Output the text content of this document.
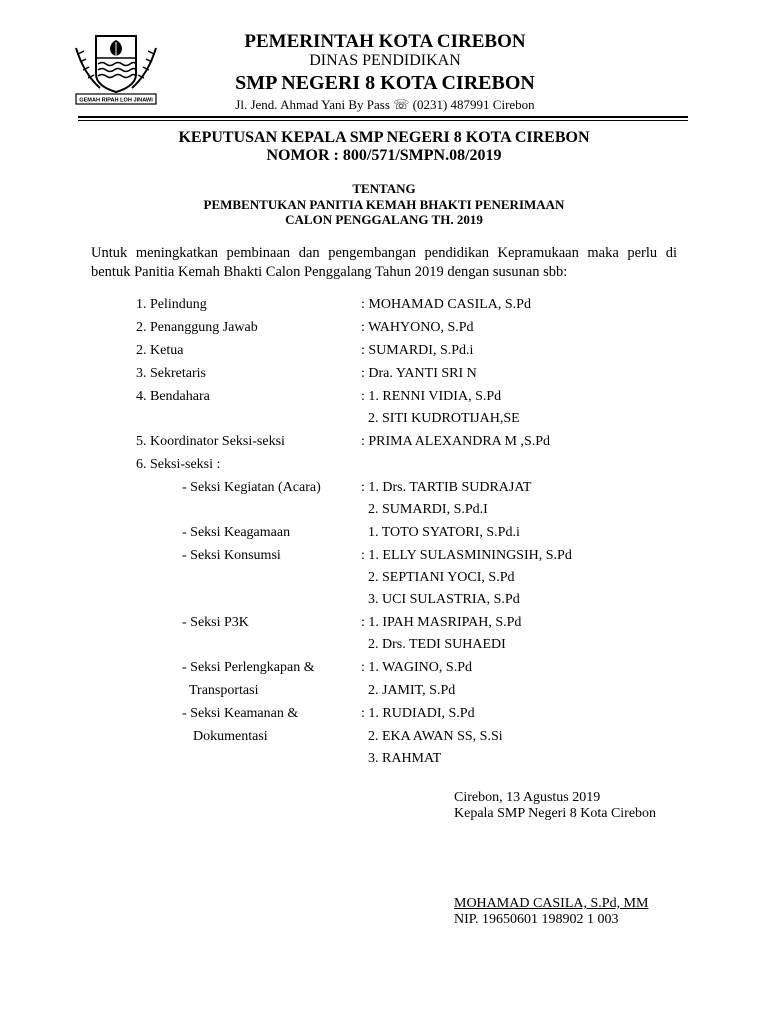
GEMAH RIPAH LOH JINAWI
PEMERINTAH KOTA CIREBON
DINAS PENDIDIKAN
SMP NEGERI 8 KOTA CIREBON
Jl. Jend. Ahmad Yani By Pass ☏ (0231) 487991 Cirebon
KEPUTUSAN KEPALA SMP NEGERI 8 KOTA CIREBON
NOMOR : 800/571/SMPN.08/2019
TENTANG
PEMBENTUKAN PANITIA KEMAH BHAKTI PENERIMAAN
CALON PENGGALANG TH. 2019
Untuk meningkatkan pembinaan dan pengembangan pendidikan Kepramukaan maka perlu di
bentuk Panitia Kemah Bhakti Calon Penggalang Tahun 2019 dengan susunan sbb:
1. Pelindung	: MOHAMAD CASILA, S.Pd
2. Penanggung Jawab	: WAHYONO, S.Pd
2. Ketua	: SUMARDI, S.Pd.i
3. Sekretaris	: Dra. YANTI SRI N
4. Bendahara	: 1. RENNI VIDIA, S.Pd
2. SITI KUDROTIJAH,SE
5. Koordinator Seksi-seksi	: PRIMA ALEXANDRA M ,S.Pd
6. Seksi-seksi :
- Seksi Kegiatan (Acara)	: 1. Drs. TARTIB SUDRAJAT
2. SUMARDI, S.Pd.I
- Seksi Keagamaan	1. TOTO SYATORI, S.Pd.i
- Seksi Konsumsi	: 1. ELLY SULASMININGSIH, S.Pd
2. SEPTIANI YOCI, S.Pd
3. UCI SULASTRIA, S.Pd
- Seksi P3K	: 1. IPAH MASRIPAH, S.Pd
2. Drs. TEDI SUHAEDI
- Seksi Perlengkapan &	: 1. WAGINO, S.Pd
Transportasi	2. JAMIT, S.Pd
- Seksi Keamanan &	: 1. RUDIADI, S.Pd
Dokumentasi	2. EKA AWAN SS, S.Si
3. RAHMAT
Cirebon, 13 Agustus 2019
Kepala SMP Negeri 8 Kota Cirebon
MOHAMAD CASILA, S.Pd, MM
NIP. 19650601 198902 1 003
